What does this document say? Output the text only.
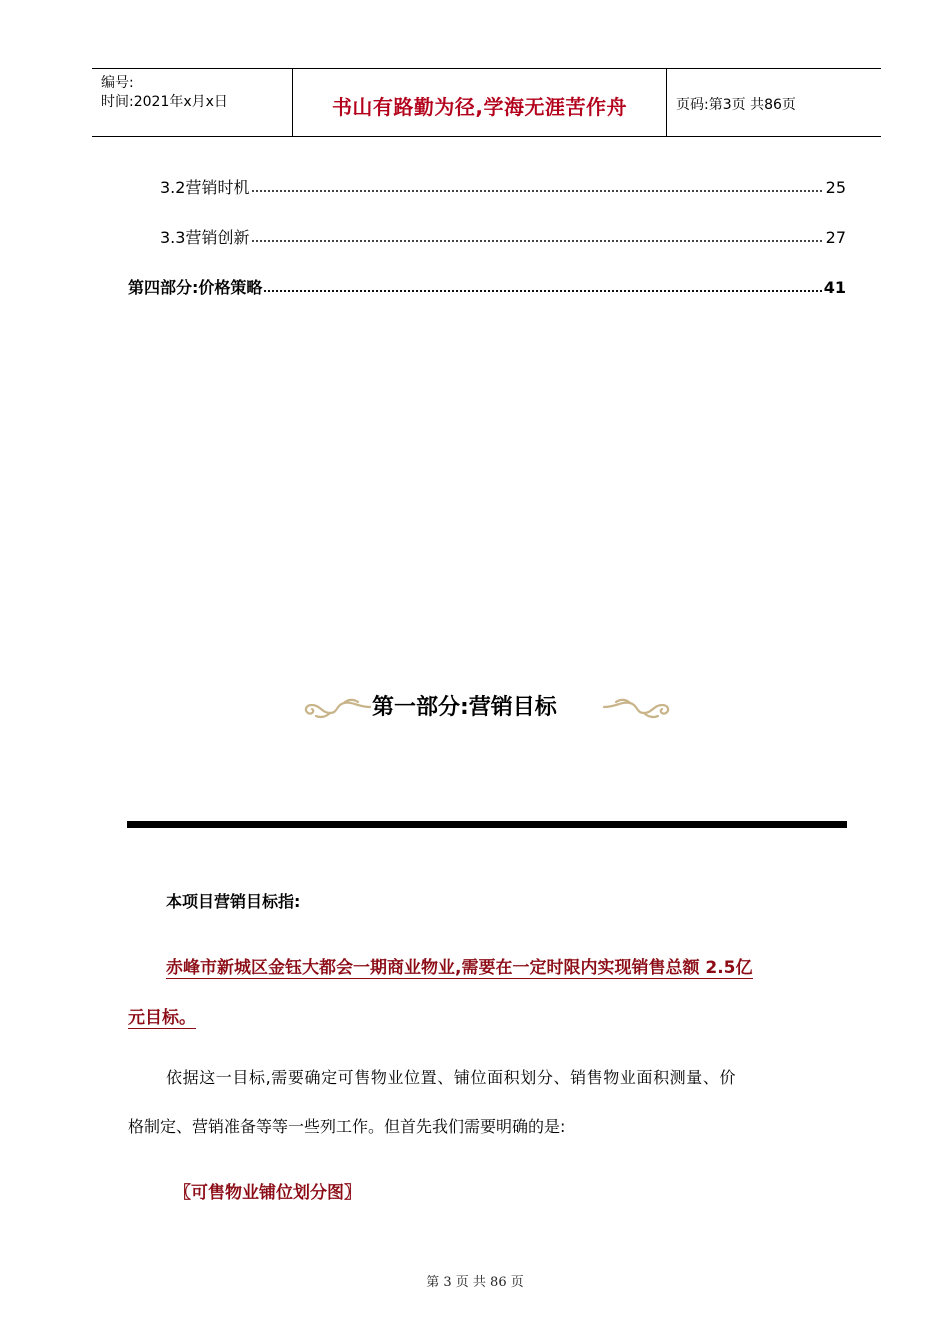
编号:
时间:2021年x月x日	书山有路勤为径,学海无涯苦作舟	页码:第3页 共86页
3.2营销时机	25
3.3营销创新	27
第四部分:价格策略	41
第一部分:营销目标
本项目营销目标指:
赤峰市新城区金钰大都会一期商业物业,需要在一定时限内实现销售总额 2.5亿
元目标。
依据这一目标,需要确定可售物业位置、铺位面积划分、销售物业面积测量、价
格制定、营销准备等等一些列工作。但首先我们需要明确的是:
〖可售物业铺位划分图〗
第 3 页 共 86 页
